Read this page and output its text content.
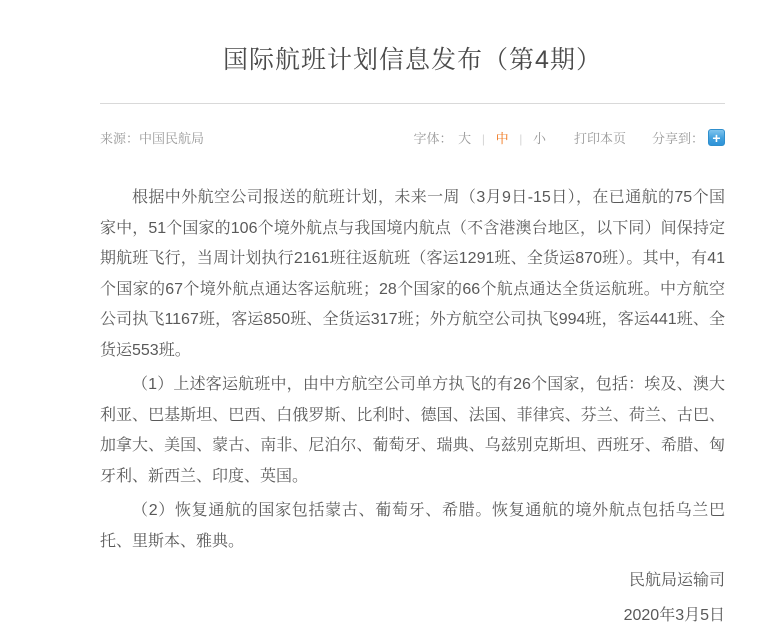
国际航班计划信息发布（第4期）
来源：中国民航局	字体： 大 | 中 | 小 打印本页 分享到： +

根据中外航空公司报送的航班计划，未来一周（3月9日-15日），在已通航的75个国家中，51个国家的106个境外航点与我国境内航点（不含港澳台地区，以下同）间保持定期航班飞行，当周计划执行2161班往返航班（客运1291班、全货运870班）。其中，有41个国家的67个境外航点通达客运航班；28个国家的66个航点通达全货运航班。中方航空公司执飞1167班，客运850班、全货运317班；外方航空公司执飞994班，客运441班、全货运553班。

（1）上述客运航班中，由中方航空公司单方执飞的有26个国家，包括：埃及、澳大利亚、巴基斯坦、巴西、白俄罗斯、比利时、德国、法国、菲律宾、芬兰、荷兰、古巴、加拿大、美国、蒙古、南非、尼泊尔、葡萄牙、瑞典、乌兹别克斯坦、西班牙、希腊、匈牙利、新西兰、印度、英国。

（2）恢复通航的国家包括蒙古、葡萄牙、希腊。恢复通航的境外航点包括乌兰巴托、里斯本、雅典。

民航局运输司
2020年3月5日
